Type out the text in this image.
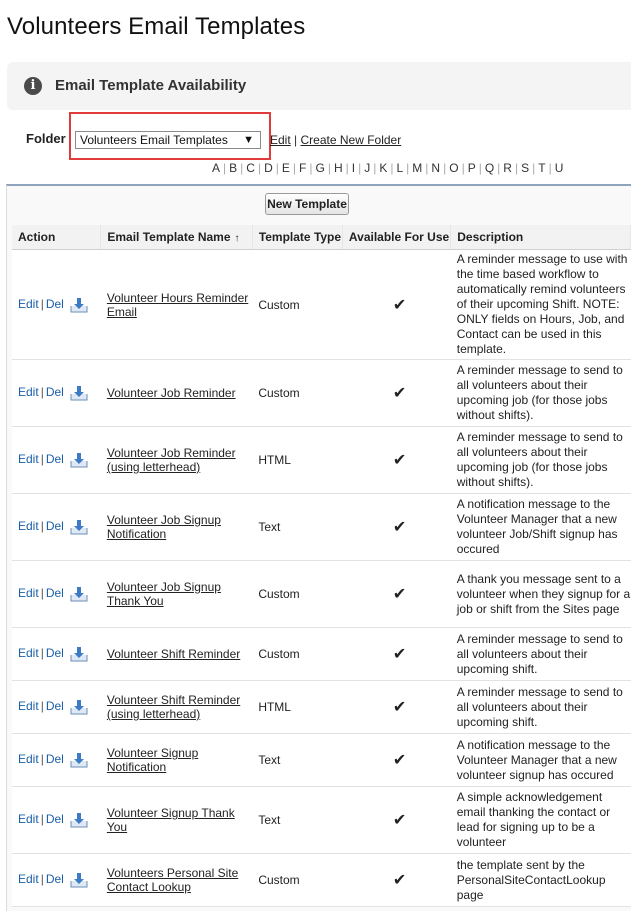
Volunteers Email Templates
i	Email Template Availability
Folder	Volunteers Email Templates ▼ Edit | Create New Folder
A | B | C | D | E | F | G | H | I | J | K | L | M | N | O | P | Q | R | S | T | U
New Template
Action	Email Template Name ↑	Template Type	Available For Use	Description
Edit | Del	Volunteer Hours Reminder Email	Custom	✔	A reminder message to use with the time based workflow to automatically remind volunteers of their upcoming Shift. NOTE: ONLY fields on Hours, Job, and Contact can be used in this template.
Edit | Del	Volunteer Job Reminder	Custom	✔	A reminder message to send to all volunteers about their upcoming job (for those jobs without shifts).
Edit | Del	Volunteer Job Reminder (using letterhead)	HTML	✔	A reminder message to send to all volunteers about their upcoming job (for those jobs without shifts).
Edit | Del	Volunteer Job Signup Notification	Text	✔	A notification message to the Volunteer Manager that a new volunteer Job/Shift signup has occured
Edit | Del	Volunteer Job Signup Thank You	Custom	✔	A thank you message sent to a volunteer when they signup for a job or shift from the Sites page
Edit | Del	Volunteer Shift Reminder	Custom	✔	A reminder message to send to all volunteers about their upcoming shift.
Edit | Del	Volunteer Shift Reminder (using letterhead)	HTML	✔	A reminder message to send to all volunteers about their upcoming shift.
Edit | Del	Volunteer Signup Notification	Text	✔	A notification message to the Volunteer Manager that a new volunteer signup has occured
Edit | Del	Volunteer Signup Thank You	Text	✔	A simple acknowledgement email thanking the contact or lead for signing up to be a volunteer
Edit | Del	Volunteers Personal Site Contact Lookup	Custom	✔	the template sent by the PersonalSiteContactLookup page
